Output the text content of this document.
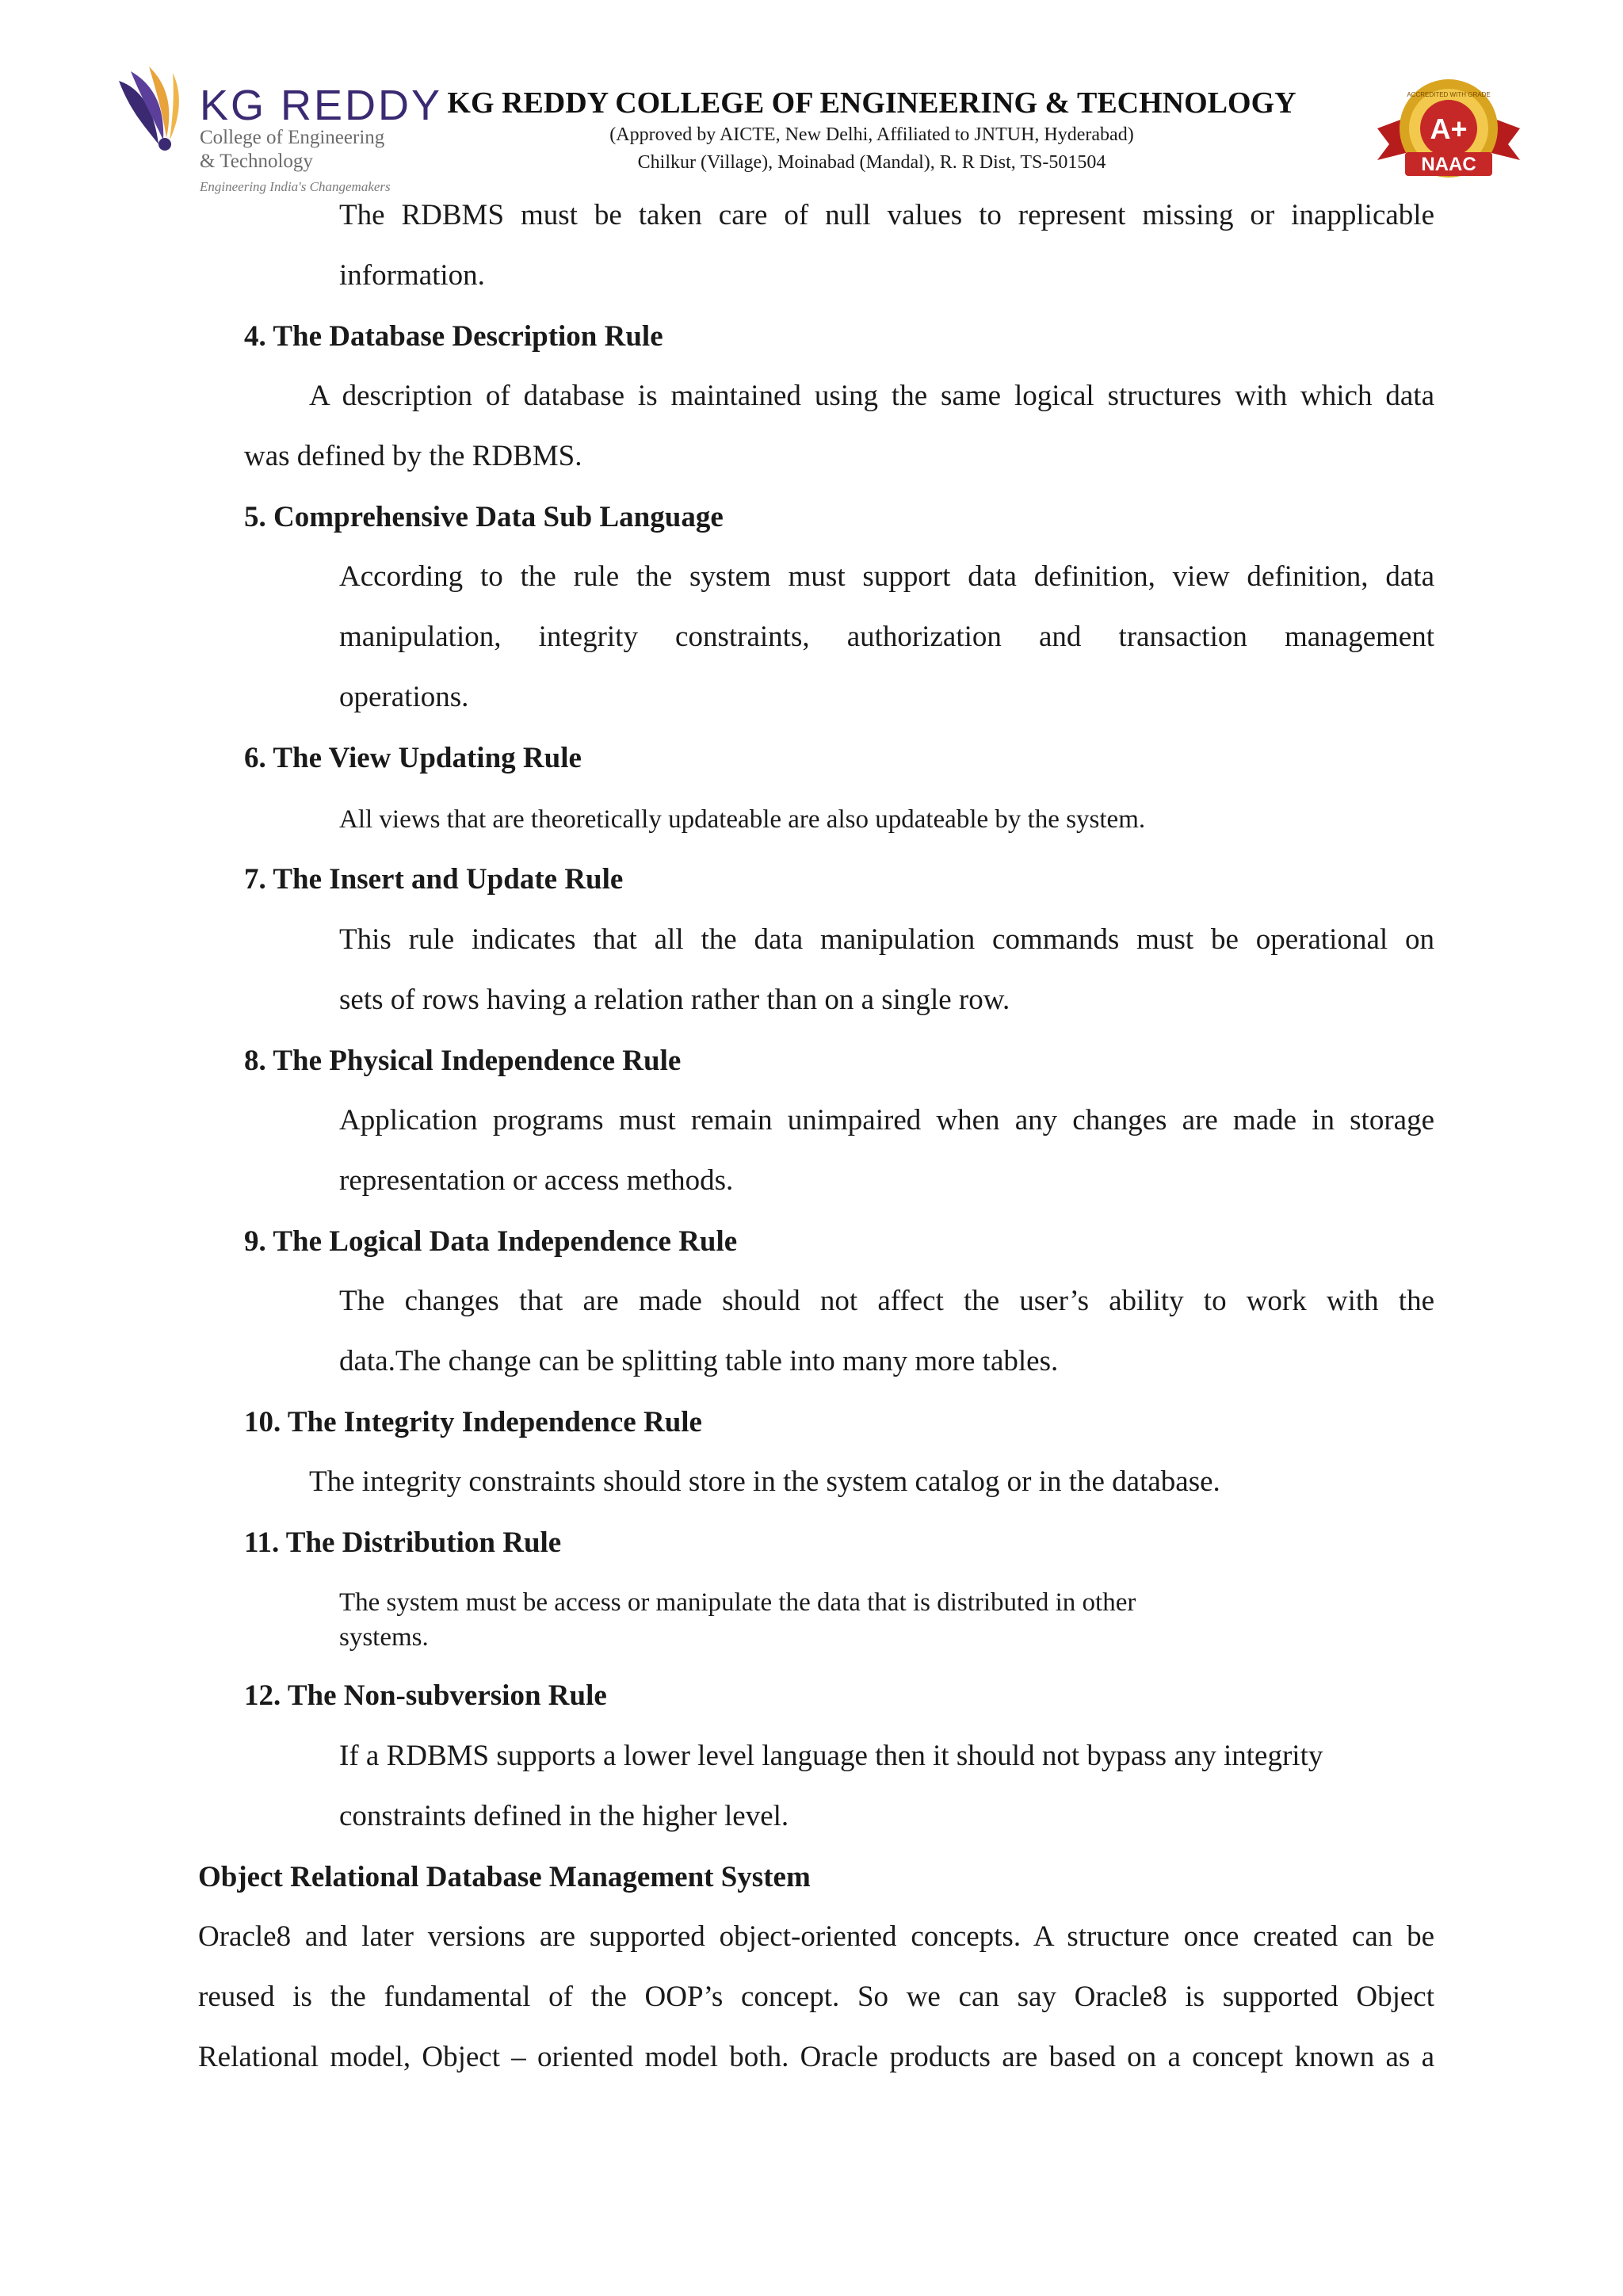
KG REDDY
College of Engineering
& Technology
Engineering India's Changemakers
KG REDDY COLLEGE OF ENGINEERING & TECHNOLOGY
(Approved by AICTE, New Delhi, Affiliated to JNTUH, Hyderabad)
Chilkur (Village), Moinabad (Mandal), R. R Dist, TS-501504
A+
NAAC
ACCREDITED WITH GRADE
The RDBMS must be taken care of null values to represent missing or inapplicable
information.
4. The Database Description Rule
A description of database is maintained using the same logical structures with which data
was defined by the RDBMS.
5. Comprehensive Data Sub Language
According to the rule the system must support data definition, view definition, data
manipulation, integrity constraints, authorization and transaction management
operations.
6. The View Updating Rule
All views that are theoretically updateable are also updateable by the system.
7. The Insert and Update Rule
This rule indicates that all the data manipulation commands must be operational on
sets of rows having a relation rather than on a single row.
8. The Physical Independence Rule
Application programs must remain unimpaired when any changes are made in storage
representation or access methods.
9. The Logical Data Independence Rule
The changes that are made should not affect the user’s ability to work with the
data.The change can be splitting table into many more tables.
10. The Integrity Independence Rule
The integrity constraints should store in the system catalog or in the database.
11. The Distribution Rule
The system must be access or manipulate the data that is distributed in other
systems.
12. The Non-subversion Rule
If a RDBMS supports a lower level language then it should not bypass any integrity
constraints defined in the higher level.
Object Relational Database Management System
Oracle8 and later versions are supported object-oriented concepts. A structure once created can be
reused is the fundamental of the OOP’s concept. So we can say Oracle8 is supported Object
Relational model, Object – oriented model both. Oracle products are based on a concept known as a
